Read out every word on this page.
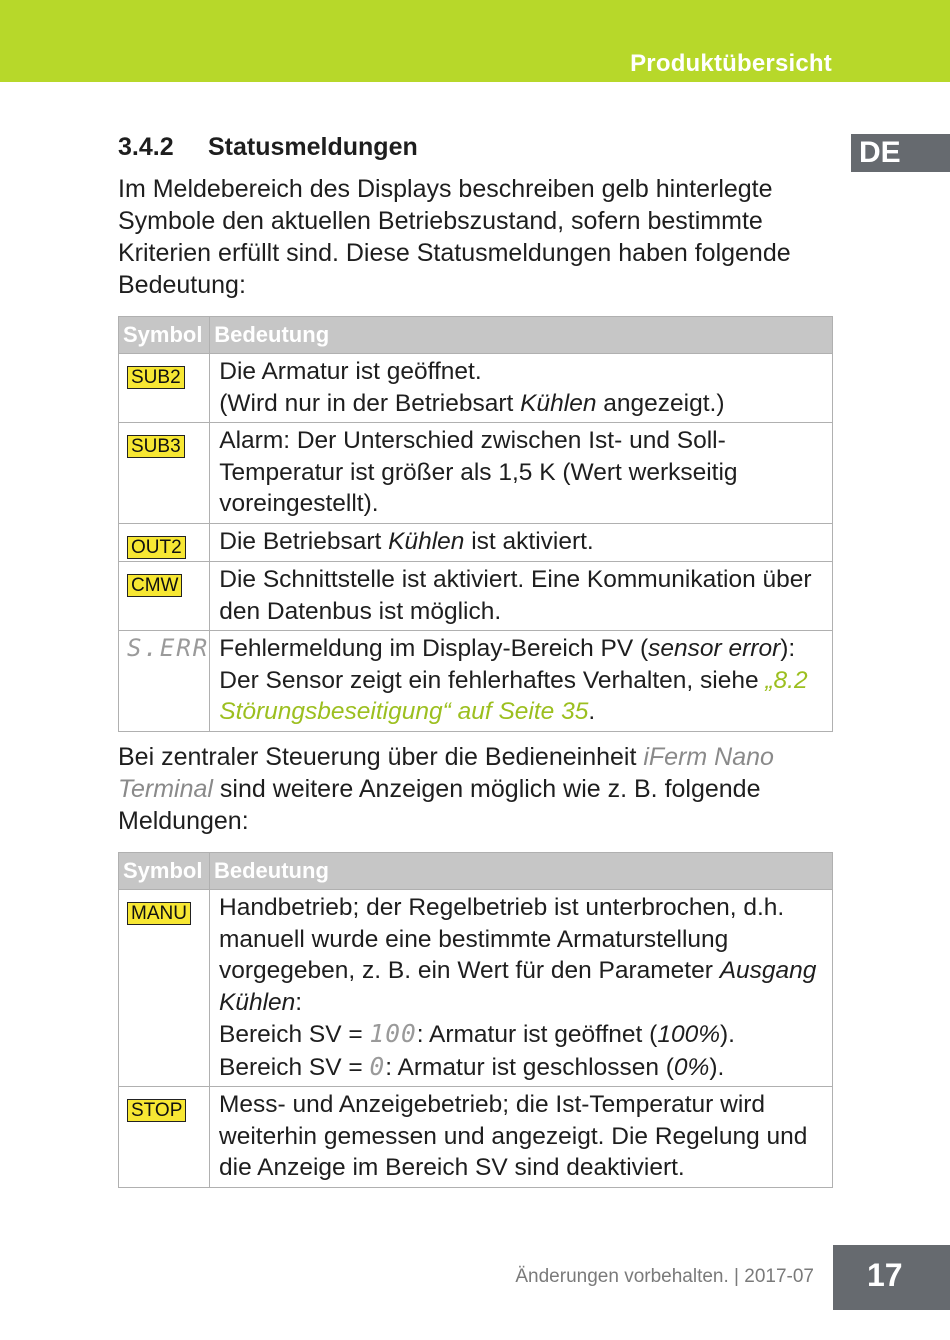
Produktübersicht
DE
3.4.2 Statusmeldungen
Im Meldebereich des Displays beschreiben gelb hinterlegte Symbole den aktuellen Betriebszustand, sofern bestimmte Kriterien erfüllt sind. Diese Statusmeldungen haben folgende Bedeutung:
Symbol	Bedeutung
SUB2	Die Armatur ist geöffnet.
(Wird nur in der Betriebsart Kühlen angezeigt.)
SUB3	Alarm: Der Unterschied zwischen Ist- und Soll-Temperatur ist größer als 1,5 K (Wert werkseitig voreingestellt).
OUT2	Die Betriebsart Kühlen ist aktiviert.
CMW	Die Schnittstelle ist aktiviert. Eine Kommunikation über den Datenbus ist möglich.
S.ERR	Fehlermeldung im Display-Bereich PV (sensor error): Der Sensor zeigt ein fehlerhaftes Verhalten, siehe „8.2 Störungsbeseitigung“ auf Seite 35.
Bei zentraler Steuerung über die Bedieneinheit iFerm Nano Terminal sind weitere Anzeigen möglich wie z. B. folgende Meldungen:
Symbol	Bedeutung
MANU	Handbetrieb; der Regelbetrieb ist unterbrochen, d.h. manuell wurde eine bestimmte Armaturstellung vorgegeben, z. B. ein Wert für den Parameter Ausgang Kühlen:
Bereich SV = 100: Armatur ist geöffnet (100%).
Bereich SV = 0: Armatur ist geschlossen (0%).
STOP	Mess- und Anzeigebetrieb; die Ist-Temperatur wird weiterhin gemessen und angezeigt. Die Regelung und die Anzeige im Bereich SV sind deaktiviert.
Änderungen vorbehalten. | 2017-07	17
